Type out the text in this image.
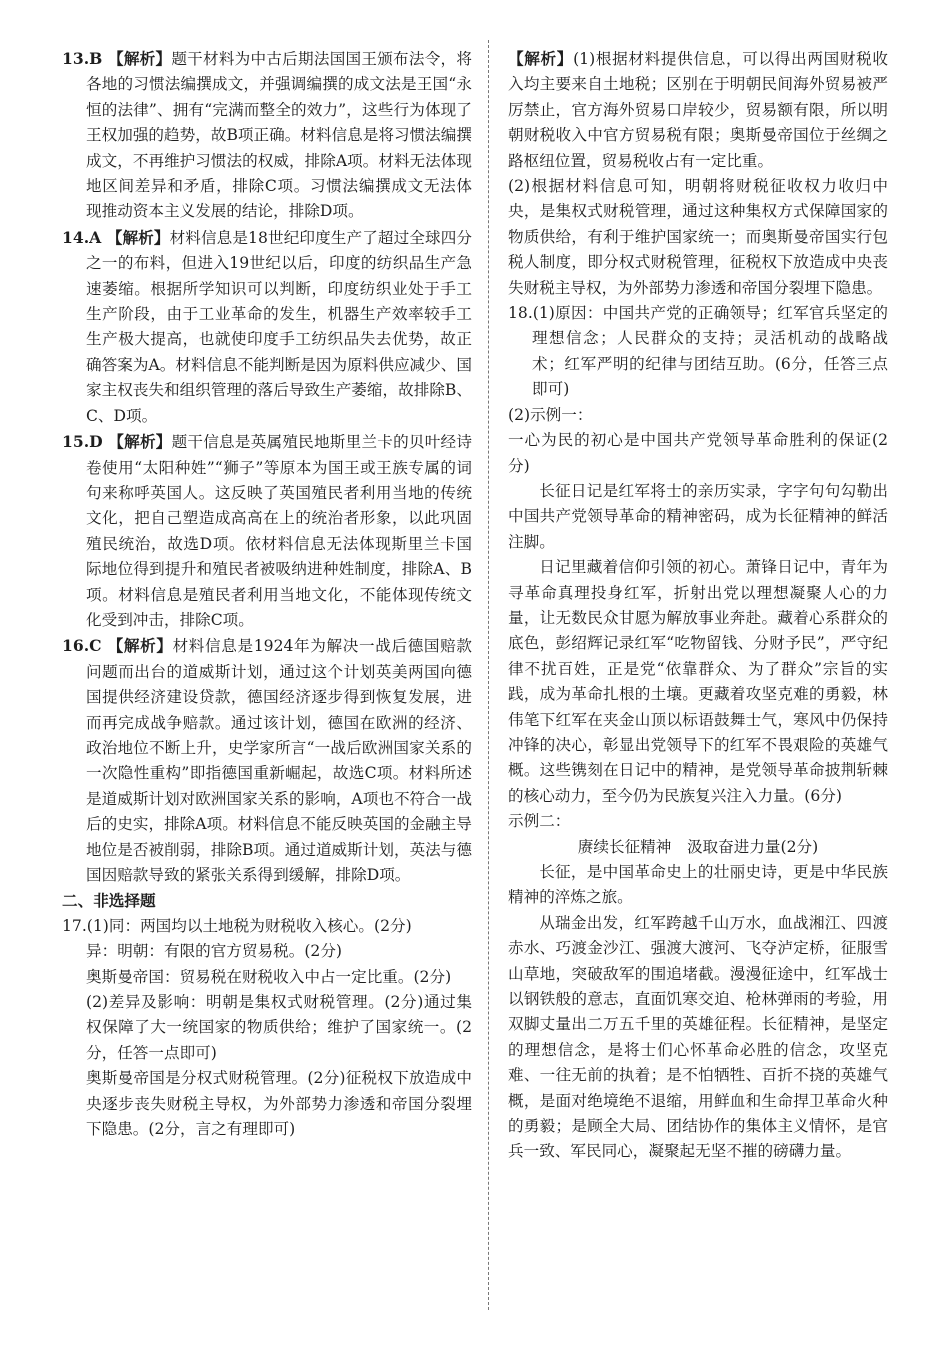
13.B 【解析】题干材料为中古后期法国国王颁布法令，将各地的习惯法编撰成文，并强调编撰的成文法是王国“永恒的法律”、拥有“完满而整全的效力”，这些行为体现了王权加强的趋势，故B项正确。材料信息是将习惯法编撰成文，不再维护习惯法的权威，排除A项。材料无法体现地区间差异和矛盾，排除C项。习惯法编撰成文无法体现推动资本主义发展的结论，排除D项。

14.A 【解析】材料信息是18世纪印度生产了超过全球四分之一的布料，但进入19世纪以后，印度的纺织品生产急速萎缩。根据所学知识可以判断，印度纺织业处于手工生产阶段，由于工业革命的发生，机器生产效率较手工生产极大提高，也就使印度手工纺织品失去优势，故正确答案为A。材料信息不能判断是因为原料供应减少、国家主权丧失和组织管理的落后导致生产萎缩，故排除B、C、D项。

15.D 【解析】题干信息是英属殖民地斯里兰卡的贝叶经诗卷使用“太阳种姓”“狮子”等原本为国王或王族专属的词句来称呼英国人。这反映了英国殖民者利用当地的传统文化，把自己塑造成高高在上的统治者形象，以此巩固殖民统治，故选D项。依材料信息无法体现斯里兰卡国际地位得到提升和殖民者被吸纳进种姓制度，排除A、B项。材料信息是殖民者利用当地文化，不能体现传统文化受到冲击，排除C项。

16.C 【解析】材料信息是1924年为解决一战后德国赔款问题而出台的道威斯计划，通过这个计划英美两国向德国提供经济建设贷款，德国经济逐步得到恢复发展，进而再完成战争赔款。通过该计划，德国在欧洲的经济、政治地位不断上升，史学家所言“一战后欧洲国家关系的一次隐性重构”即指德国重新崛起，故选C项。材料所述是道威斯计划对欧洲国家关系的影响，A项也不符合一战后的史实，排除A项。材料信息不能反映英国的金融主导地位是否被削弱，排除B项。通过道威斯计划，英法与德国因赔款导致的紧张关系得到缓解，排除D项。

二、非选择题

17.(1)同：两国均以土地税为财税收入核心。(2分)

异：明朝：有限的官方贸易税。(2分)

奥斯曼帝国：贸易税在财税收入中占一定比重。(2分)

(2)差异及影响：明朝是集权式财税管理。(2分)通过集权保障了大一统国家的物质供给；维护了国家统一。(2分，任答一点即可)

奥斯曼帝国是分权式财税管理。(2分)征税权下放造成中央逐步丧失财税主导权，为外部势力渗透和帝国分裂埋下隐患。(2分，言之有理即可)

【解析】(1)根据材料提供信息，可以得出两国财税收入均主要来自土地税；区别在于明朝民间海外贸易被严厉禁止，官方海外贸易口岸较少，贸易额有限，所以明朝财税收入中官方贸易税有限；奥斯曼帝国位于丝绸之路枢纽位置，贸易税收占有一定比重。

(2)根据材料信息可知，明朝将财税征收权力收归中央，是集权式财税管理，通过这种集权方式保障国家的物质供给，有利于维护国家统一；而奥斯曼帝国实行包税人制度，即分权式财税管理，征税权下放造成中央丧失财税主导权，为外部势力渗透和帝国分裂埋下隐患。

18.(1)原因：中国共产党的正确领导；红军官兵坚定的理想信念；人民群众的支持；灵活机动的战略战术；红军严明的纪律与团结互助。(6分，任答三点即可)

(2)示例一：

一心为民的初心是中国共产党领导革命胜利的保证(2分)

长征日记是红军将士的亲历实录，字字句句勾勒出中国共产党领导革命的精神密码，成为长征精神的鲜活注脚。

日记里藏着信仰引领的初心。萧锋日记中，青年为寻革命真理投身红军，折射出党以理想凝聚人心的力量，让无数民众甘愿为解放事业奔赴。藏着心系群众的底色，彭绍辉记录红军“吃物留钱、分财予民”，严守纪律不扰百姓，正是党“依靠群众、为了群众”宗旨的实践，成为革命扎根的土壤。更藏着攻坚克难的勇毅，林伟笔下红军在夹金山顶以标语鼓舞士气，寒风中仍保持冲锋的决心，彰显出党领导下的红军不畏艰险的英雄气概。这些镌刻在日记中的精神，是党领导革命披荆斩棘的核心动力，至今仍为民族复兴注入力量。(6分)

示例二：

赓续长征精神　汲取奋进力量(2分)

长征，是中国革命史上的壮丽史诗，更是中华民族精神的淬炼之旅。

从瑞金出发，红军跨越千山万水，血战湘江、四渡赤水、巧渡金沙江、强渡大渡河、飞夺泸定桥，征服雪山草地，突破敌军的围追堵截。漫漫征途中，红军战士以钢铁般的意志，直面饥寒交迫、枪林弹雨的考验，用双脚丈量出二万五千里的英雄征程。长征精神，是坚定的理想信念，是将士们心怀革命必胜的信念，攻坚克难、一往无前的执着；是不怕牺牲、百折不挠的英雄气概，是面对绝境绝不退缩，用鲜血和生命捍卫革命火种的勇毅；是顾全大局、团结协作的集体主义情怀，是官兵一致、军民同心，凝聚起无坚不摧的磅礴力量。
